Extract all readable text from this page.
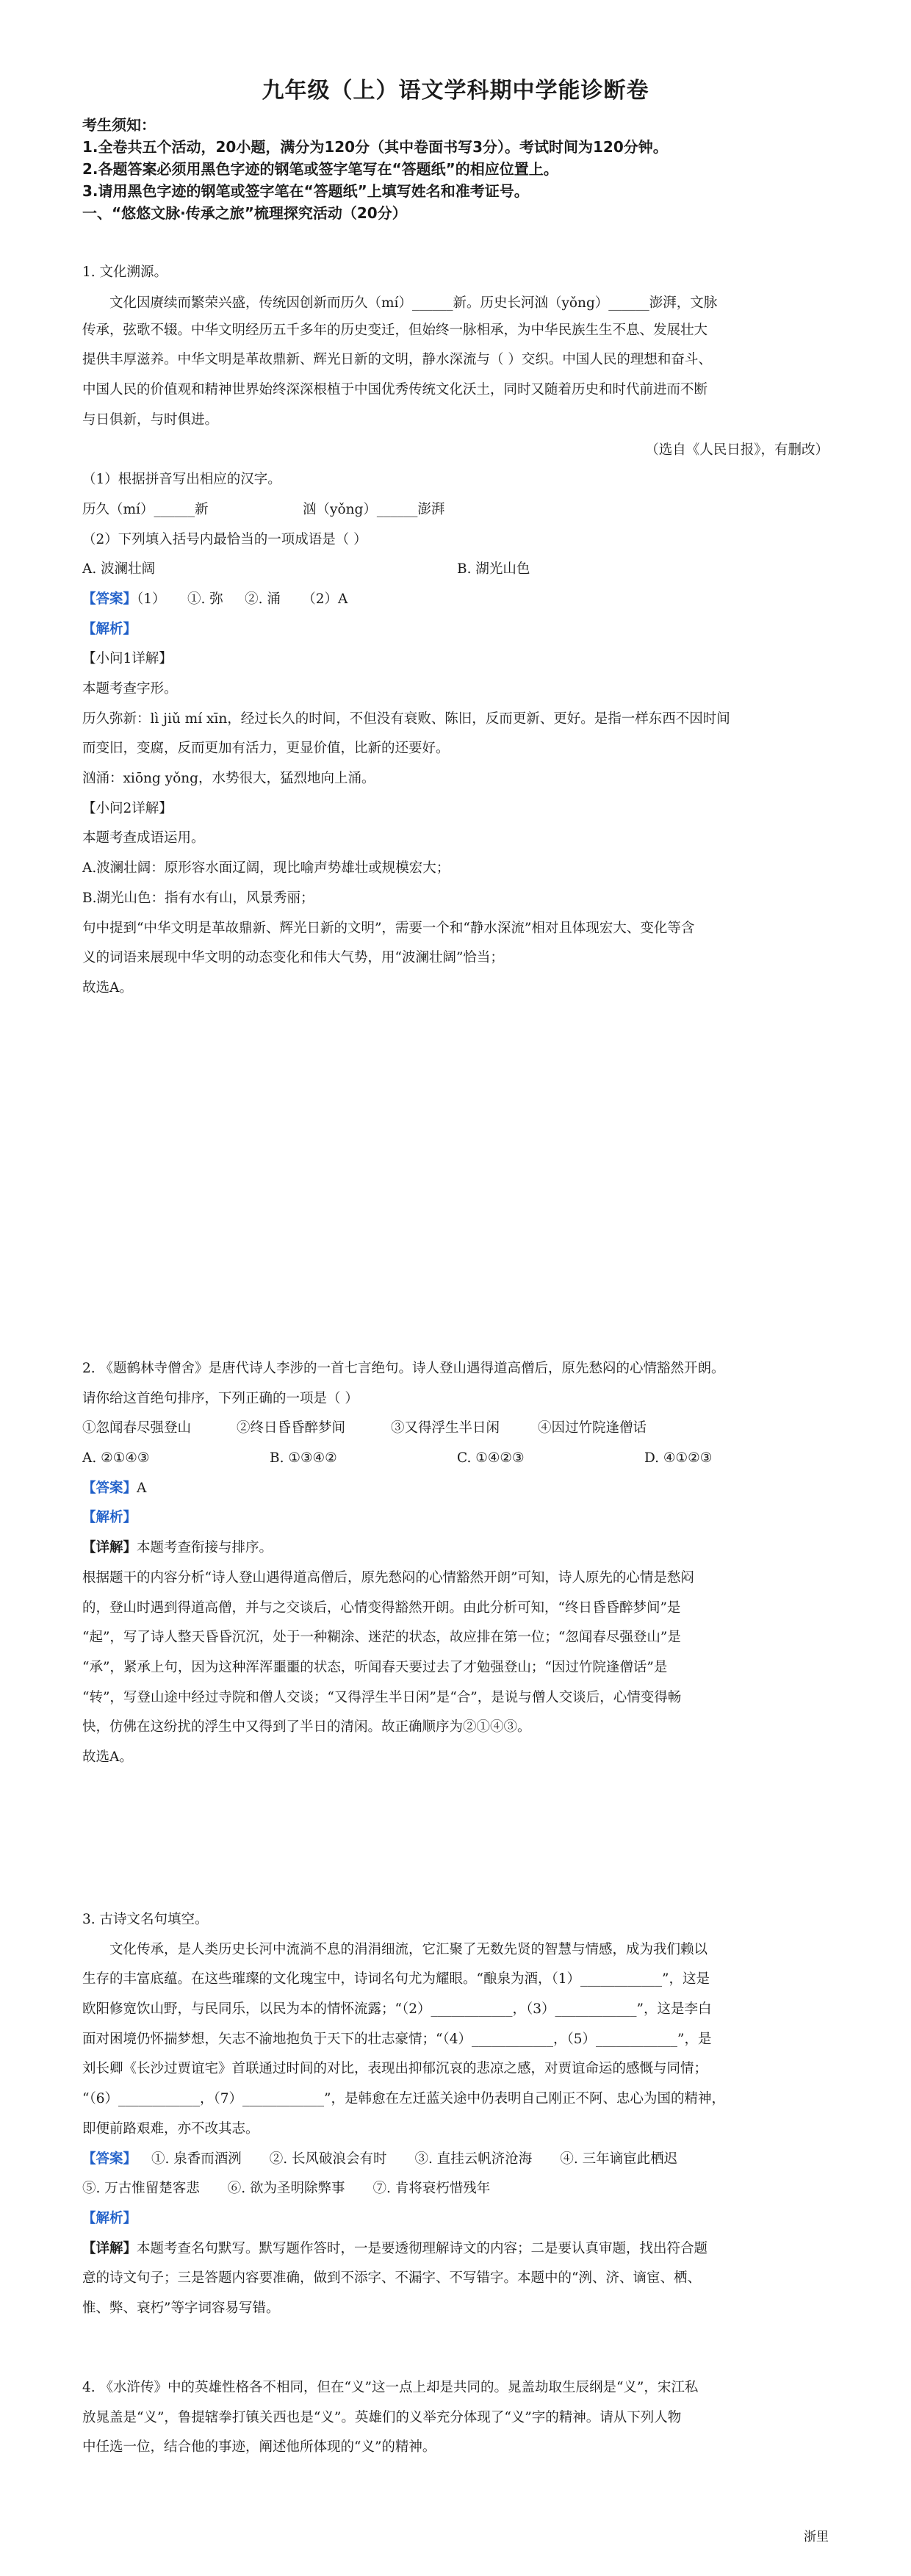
九年级（上）语文学科期中学能诊断卷
考生须知：
1.全卷共五个活动，20小题，满分为120分（其中卷面书写3分）。考试时间为120分钟。
2.各题答案必须用黑色字迹的钢笔或签字笔写在“答题纸”的相应位置上。
3.请用黑色字迹的钢笔或签字笔在“答题纸”上填写姓名和准考证号。
一、“悠悠文脉·传承之旅”梳理探究活动（20分）
1. 文化溯源。
文化因赓续而繁荣兴盛，传统因创新而历久（mí）______新。历史长河汹（yǒng）______澎湃，文脉
传承，弦歌不辍。中华文明经历五千多年的历史变迁，但始终一脉相承，为中华民族生生不息、发展壮大
提供丰厚滋养。中华文明是革故鼎新、辉光日新的文明，静水深流与（ ）交织。中国人民的理想和奋斗、
中国人民的价值观和精神世界始终深深根植于中国优秀传统文化沃土，同时又随着历史和时代前进而不断
与日俱新，与时俱进。
（选自《人民日报》，有删改）
（1）根据拼音写出相应的汉字。
历久（mí）______新	汹（yǒng）______澎湃
（2）下列填入括号内最恰当的一项成语是（ ）
A. 波澜壮阔	B. 湖光山色
【答案】（1）     ①. 弥     ②. 涌     （2）A
【解析】
【小问1详解】
本题考查字形。
历久弥新：lì jiǔ mí xīn，经过长久的时间，不但没有衰败、陈旧，反而更新、更好。是指一样东西不因时间
而变旧，变腐，反而更加有活力，更显价值，比新的还要好。
汹涌：xiōng yǒng，水势很大，猛烈地向上涌。
【小问2详解】
本题考查成语运用。
A.波澜壮阔：原形容水面辽阔，现比喻声势雄壮或规模宏大；
B.湖光山色：指有水有山，风景秀丽；
句中提到“中华文明是革故鼎新、辉光日新的文明”，需要一个和“静水深流”相对且体现宏大、变化等含
义的词语来展现中华文明的动态变化和伟大气势，用“波澜壮阔”恰当；
故选A。
2. 《题鹤林寺僧舍》是唐代诗人李涉的一首七言绝句。诗人登山遇得道高僧后，原先愁闷的心情豁然开朗。
请你给这首绝句排序，下列正确的一项是（ ）
①忽闻春尽强登山	②终日昏昏醉梦间	③又得浮生半日闲	④因过竹院逢僧话
A. ②①④③	B. ①③④②	C. ①④②③	D. ④①②③
【答案】A
【解析】
【详解】本题考查衔接与排序。
根据题干的内容分析“诗人登山遇得道高僧后，原先愁闷的心情豁然开朗”可知，诗人原先的心情是愁闷
的，登山时遇到得道高僧，并与之交谈后，心情变得豁然开朗。由此分析可知，“终日昏昏醉梦间”是
“起”，写了诗人整天昏昏沉沉，处于一种糊涂、迷茫的状态，故应排在第一位；“忽闻春尽强登山”是
“承”，紧承上句，因为这种浑浑噩噩的状态，听闻春天要过去了才勉强登山；“因过竹院逢僧话”是
“转”，写登山途中经过寺院和僧人交谈；“又得浮生半日闲”是“合”，是说与僧人交谈后，心情变得畅
快，仿佛在这纷扰的浮生中又得到了半日的清闲。故正确顺序为②①④③。
故选A。
3. 古诗文名句填空。
文化传承，是人类历史长河中流淌不息的涓涓细流，它汇聚了无数先贤的智慧与情感，成为我们赖以
生存的丰富底蕴。在这些璀璨的文化瑰宝中，诗词名句尤为耀眼。“酿泉为酒，（1）____________”，这是
欧阳修宽饮山野，与民同乐，以民为本的情怀流露；“（2）____________，（3）____________”，这是李白
面对困境仍怀揣梦想，矢志不渝地抱负于天下的壮志豪情；“（4）____________，（5）____________”，是
刘长卿《长沙过贾谊宅》首联通过时间的对比，表现出抑郁沉哀的悲凉之感，对贾谊命运的感慨与同情；
“（6）____________，（7）____________”，是韩愈在左迁蓝关途中仍表明自己刚正不阿、忠心为国的精神，
即便前路艰难，亦不改其志。
【答案】 ①. 泉香而酒洌 ②. 长风破浪会有时 ③. 直挂云帆济沧海 ④. 三年谪宦此栖迟
⑤. 万古惟留楚客悲 ⑥. 欲为圣明除弊事 ⑦. 肯将衰朽惜残年
【解析】
【详解】本题考查名句默写。默写题作答时，一是要透彻理解诗文的内容；二是要认真审题，找出符合题
意的诗文句子；三是答题内容要准确，做到不添字、不漏字、不写错字。本题中的“洌、济、谪宦、栖、
惟、弊、衰朽”等字词容易写错。
4. 《水浒传》中的英雄性格各不相同，但在“义”这一点上却是共同的。晁盖劫取生辰纲是“义”，宋江私
放晁盖是“义”，鲁提辖拳打镇关西也是“义”。英雄们的义举充分体现了“义”字的精神。请从下列人物
中任选一位，结合他的事迹，阐述他所体现的“义”的精神。
浙里
